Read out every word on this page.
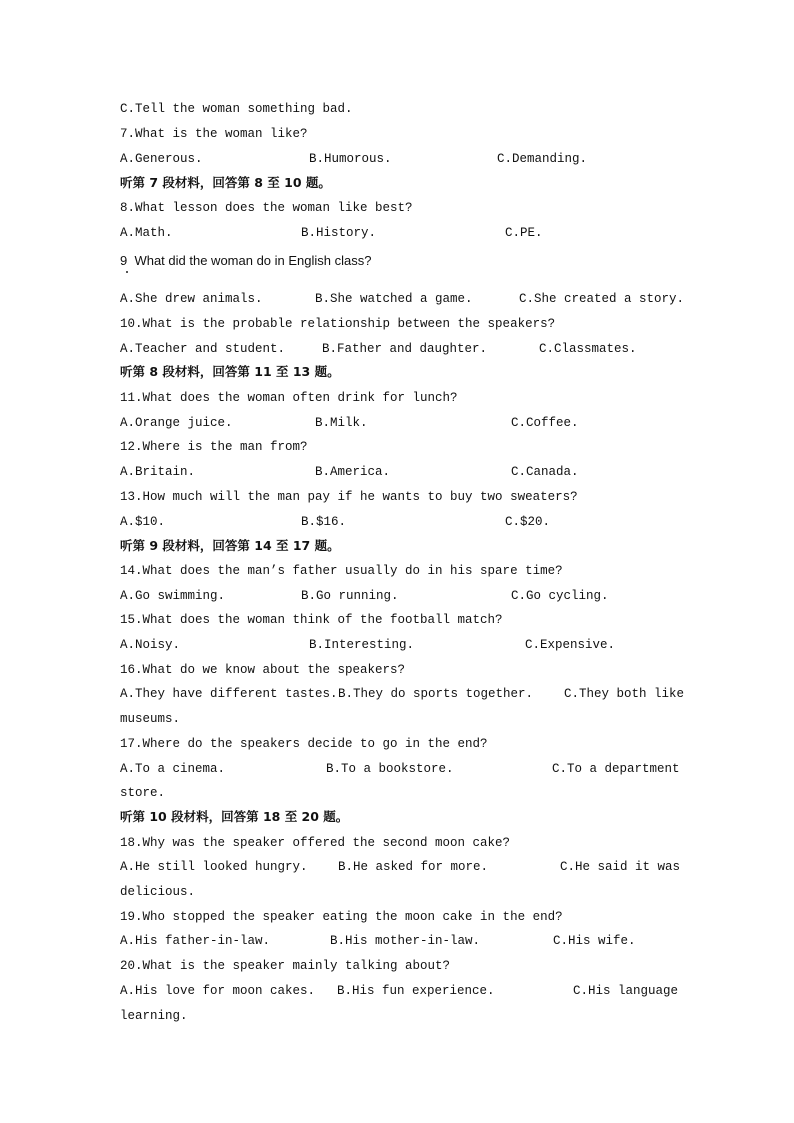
C.Tell the woman something bad.
7.What is the woman like?
A.Generous.	B.Humorous.	C.Demanding.
听第 7 段材料，回答第 8 至 10 题。
8.What lesson does the woman like best?
A.Math.	B.History.	C.PE.
9  What did the woman do in English class?
A.She drew animals.	B.She watched a game.	C.She created a story.
10.What is the probable relationship between the speakers?
A.Teacher and student.	B.Father and daughter.	C.Classmates.
听第 8 段材料，回答第 11 至 13 题。
11.What does the woman often drink for lunch?
A.Orange juice.	B.Milk.	C.Coffee.
12.Where is the man from?
A.Britain.	B.America.	C.Canada.
13.How much will the man pay if he wants to buy two sweaters?
A.$10.	B.$16.	C.$20.
听第 9 段材料，回答第 14 至 17 题。
14.What does the man’s father usually do in his spare time?
A.Go swimming.	B.Go running.	C.Go cycling.
15.What does the woman think of the football match?
A.Noisy.	B.Interesting.	C.Expensive.
16.What do we know about the speakers?
A.They have different tastes. B.They do sports together. C.They both like
museums.
17.Where do the speakers decide to go in the end?
A.To a cinema.	B.To a bookstore.	C.To a department
store.
听第 10 段材料，回答第 18 至 20 题。
18.Why was the speaker offered the second moon cake?
A.He still looked hungry. B.He asked for more.	C.He said it was
delicious.
19.Who stopped the speaker eating the moon cake in the end?
A.His father-in-law.	B.His mother-in-law.	C.His wife.
20.What is the speaker mainly talking about?
A.His love for moon cakes. B.His fun experience.	C.His language
learning.
